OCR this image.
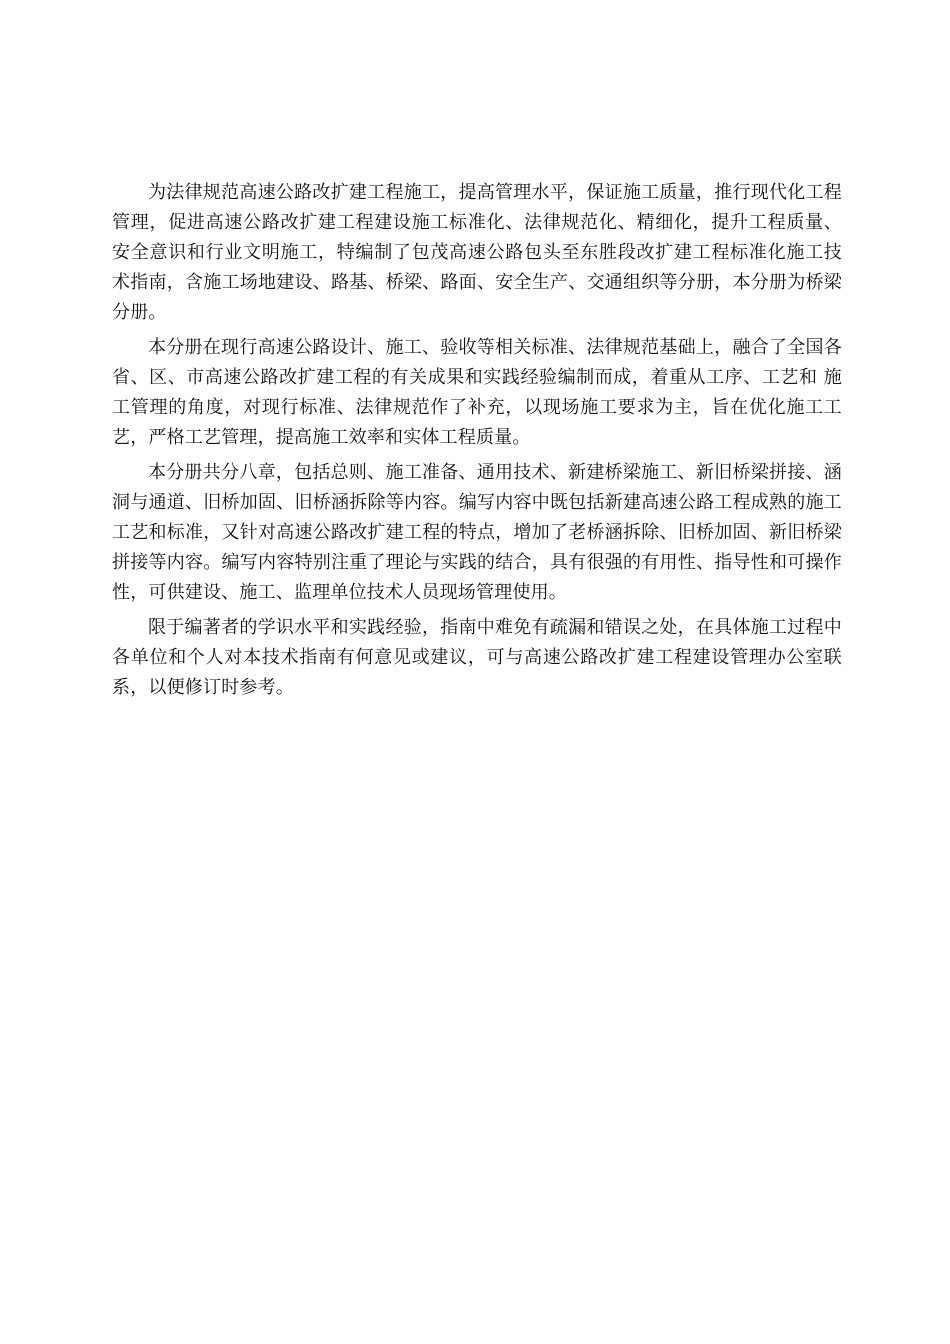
为法律规范高速公路改扩建工程施工，提高管理水平，保证施工质量，推行现代化工程管理，促进高速公路改扩建工程建设施工标准化、法律规范化、精细化，提升工程质量、 安全意识和行业文明施工，特编制了包茂高速公路包头至东胜段改扩建工程标准化施工技 术指南，含施工场地建设、路基、桥梁、路面、安全生产、交通组织等分册，本分册为桥梁 分册。

本分册在现行高速公路设计、施工、验收等相关标准、法律规范基础上，融合了全国各 省、区、市高速公路改扩建工程的有关成果和实践经验编制而成，着重从工序、工艺和 施工管理的角度，对现行标准、法律规范作了补充，以现场施工要求为主，旨在优化施工工 艺，严格工艺管理，提高施工效率和实体工程质量。

本分册共分八章，包括总则、施工准备、通用技术、新建桥梁施工、新旧桥梁拼接、涵洞与通道、旧桥加固、旧桥涵拆除等内容。编写内容中既包括新建高速公路工程成熟的施工工艺和标准，又针对高速公路改扩建工程的特点，增加了老桥涵拆除、旧桥加固、新旧桥梁拼接等内容。编写内容特别注重了理论与实践的结合，具有很强的有用性、指导性和可操作性，可供建设、施工、监理单位技术人员现场管理使用。

限于编著者的学识水平和实践经验，指南中难免有疏漏和错误之处，在具体施工过程中各单位和个人对本技术指南有何意见或建议，可与高速公路改扩建工程建设管理办公室联系，以便修订时参考。
